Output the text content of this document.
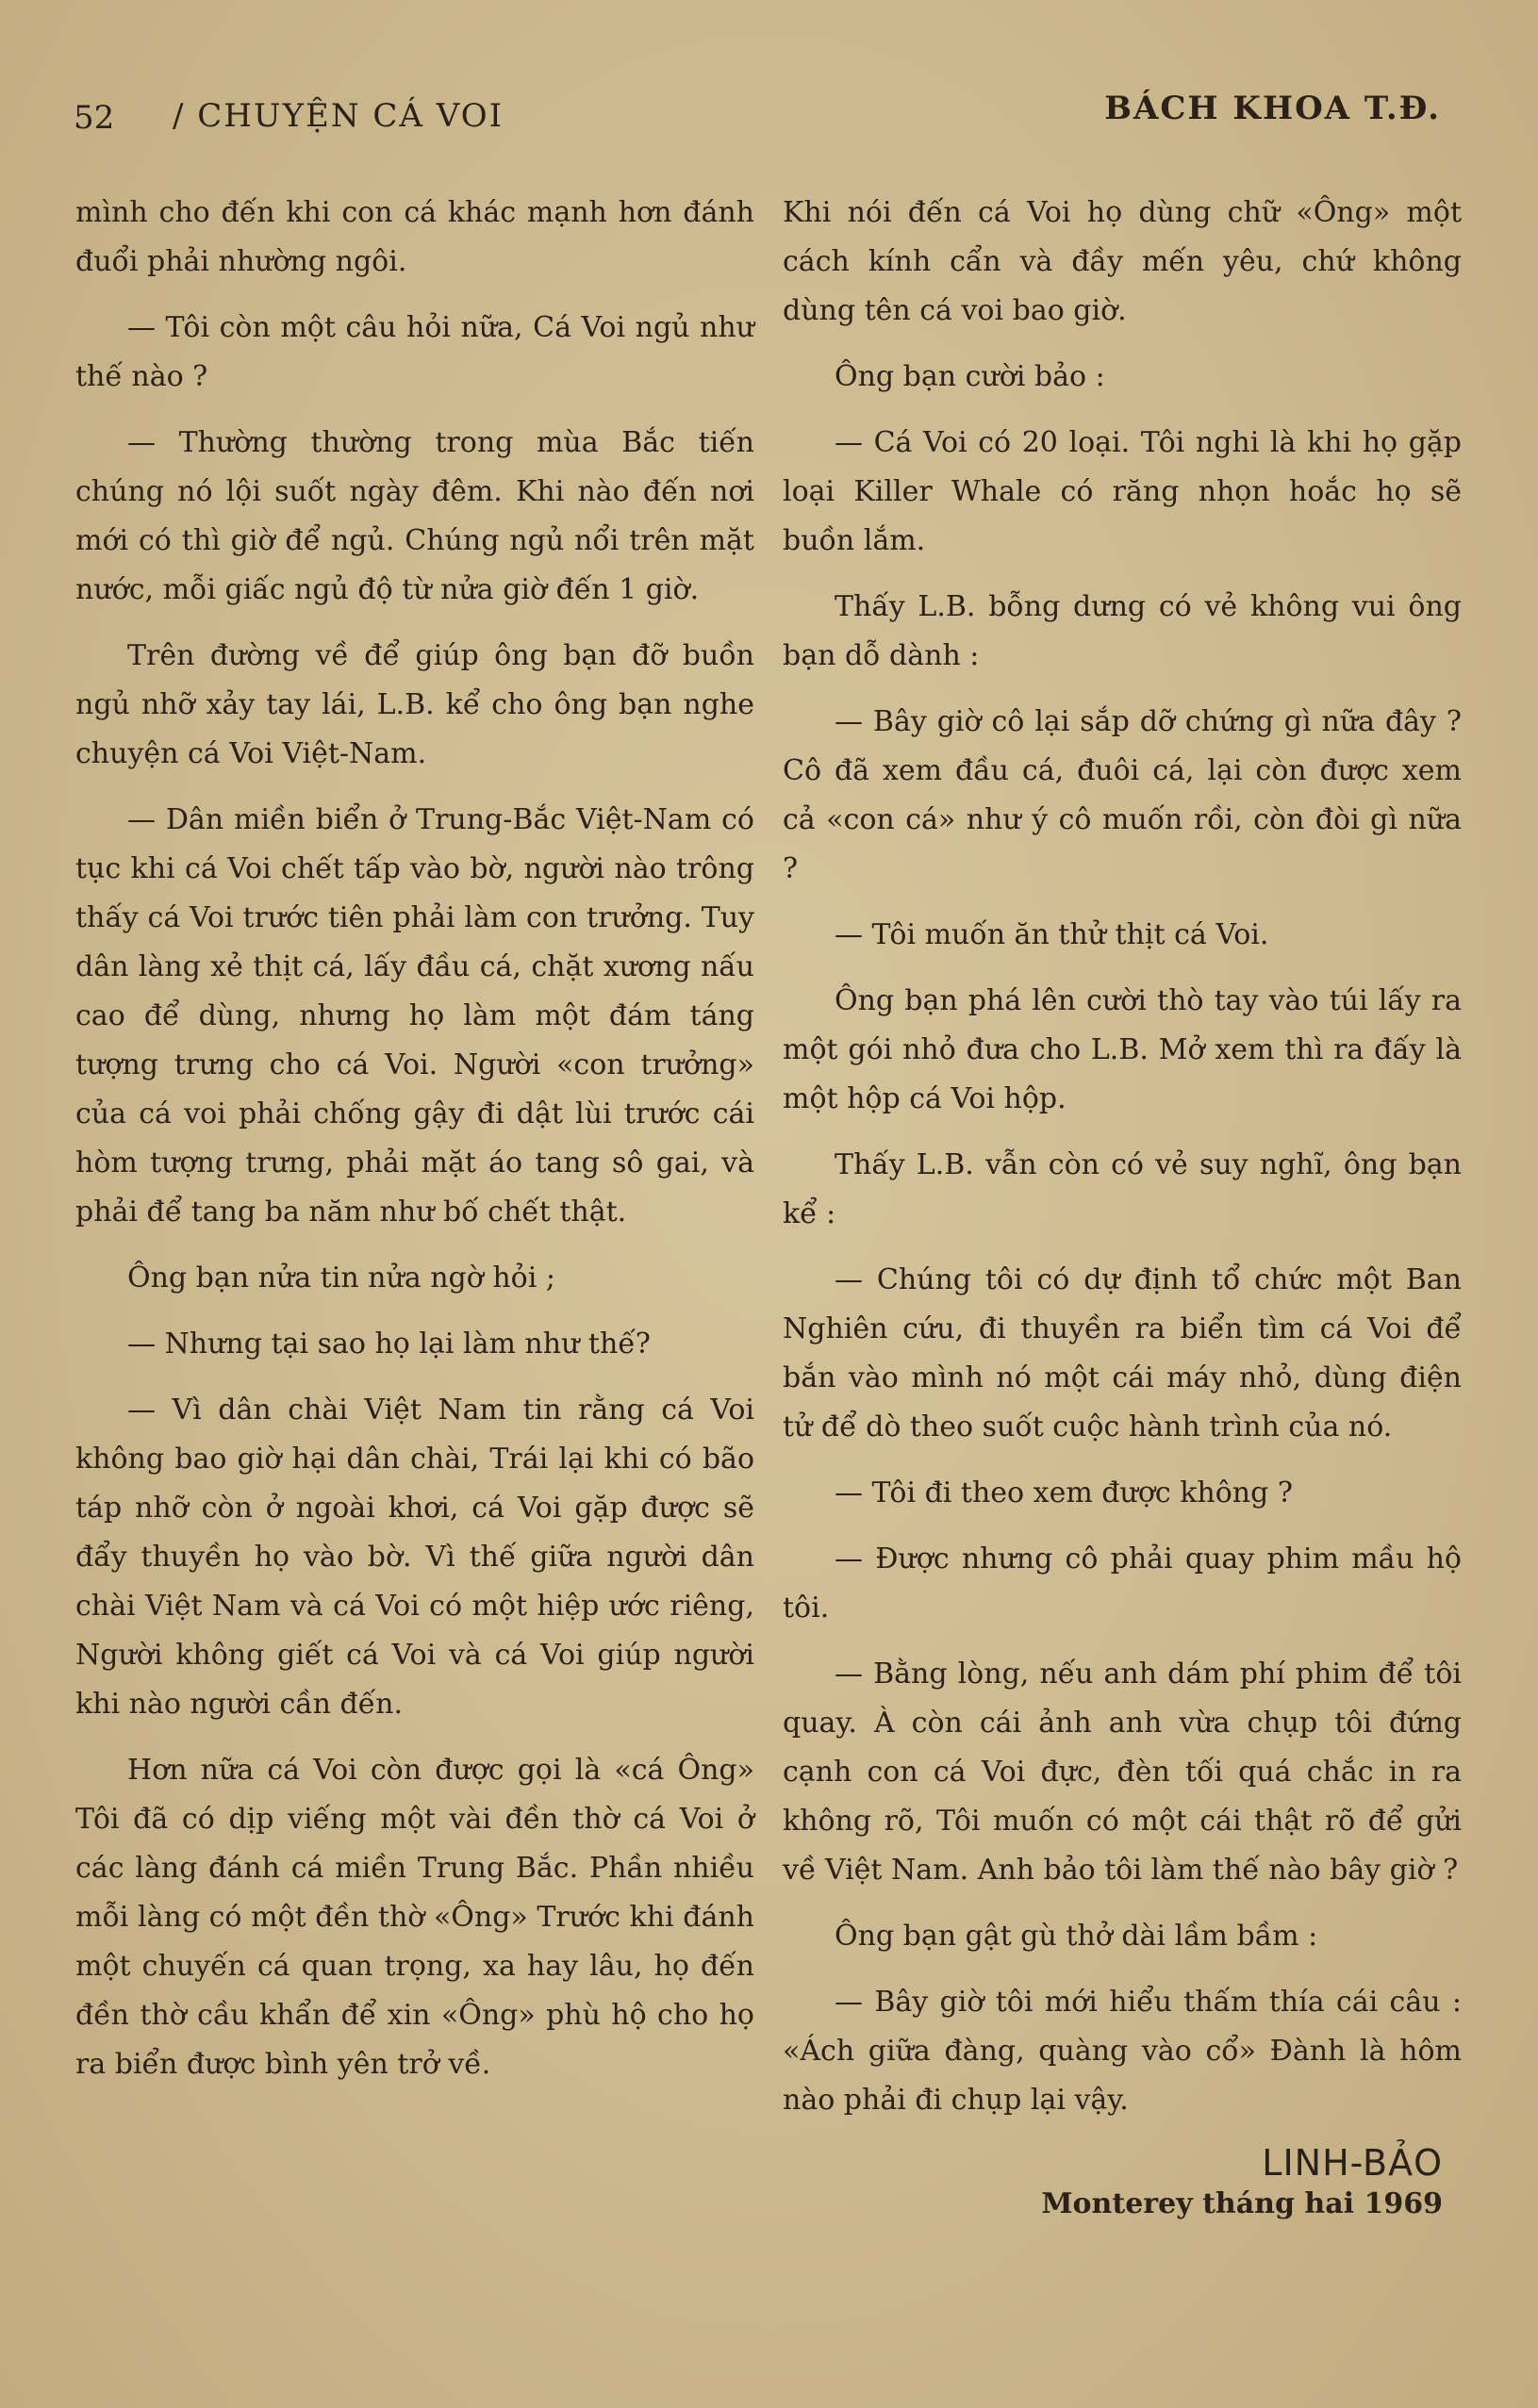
52 / CHUYỆN CÁ VOI	BÁCH KHOA T.Đ.

mình cho đến khi con cá khác mạnh hơn đánh đuổi phải nhường ngôi.

— Tôi còn một câu hỏi nữa, Cá Voi ngủ như thế nào ?

— Thường thường trong mùa Bắc tiến chúng nó lội suốt ngày đêm. Khi nào đến nơi mới có thì giờ để ngủ. Chúng ngủ nổi trên mặt nước, mỗi giấc ngủ độ từ nửa giờ đến 1 giờ.

Trên đường về để giúp ông bạn đỡ buồn ngủ nhỡ xảy tay lái, L.B. kể cho ông bạn nghe chuyện cá Voi Việt-Nam.

— Dân miền biển ở Trung-Bắc Việt-Nam có tục khi cá Voi chết tấp vào bờ, người nào trông thấy cá Voi trước tiên phải làm con trưởng. Tuy dân làng xẻ thịt cá, lấy đầu cá, chặt xương nấu cao để dùng, nhưng họ làm một đám táng tượng trưng cho cá Voi. Người «con trưởng» của cá voi phải chống gậy đi dật lùi trước cái hòm tượng trưng, phải mặt áo tang sô gai, và phải để tang ba năm như bố chết thật.

Ông bạn nửa tin nửa ngờ hỏi ;

— Nhưng tại sao họ lại làm như thế?

— Vì dân chài Việt Nam tin rằng cá Voi không bao giờ hại dân chài, Trái lại khi có bão táp nhỡ còn ở ngoài khơi, cá Voi gặp được sẽ đẩy thuyền họ vào bờ. Vì thế giữa người dân chài Việt Nam và cá Voi có một hiệp ước riêng, Người không giết cá Voi và cá Voi giúp người khi nào người cần đến.

Hơn nữa cá Voi còn được gọi là «cá Ông» Tôi đã có dịp viếng một vài đền thờ cá Voi ở các làng đánh cá miền Trung Bắc. Phần nhiều mỗi làng có một đền thờ «Ông» Trước khi đánh một chuyến cá quan trọng, xa hay lâu, họ đến đền thờ cầu khẩn để xin «Ông» phù hộ cho họ ra biển được bình yên trở về.

Khi nói đến cá Voi họ dùng chữ «Ông» một cách kính cẩn và đầy mến yêu, chứ không dùng tên cá voi bao giờ.

Ông bạn cười bảo :

— Cá Voi có 20 loại. Tôi nghi là khi họ gặp loại Killer Whale có răng nhọn hoắc họ sẽ buồn lắm.

Thấy L.B. bỗng dưng có vẻ không vui ông bạn dỗ dành :

— Bây giờ cô lại sắp dỡ chứng gì nữa đây ? Cô đã xem đầu cá, đuôi cá, lại còn được xem cả «con cá» như ý cô muốn rồi, còn đòi gì nữa ?

— Tôi muốn ăn thử thịt cá Voi.

Ông bạn phá lên cười thò tay vào túi lấy ra một gói nhỏ đưa cho L.B. Mở xem thì ra đấy là một hộp cá Voi hộp.

Thấy L.B. vẫn còn có vẻ suy nghĩ, ông bạn kể :

— Chúng tôi có dự định tổ chức một Ban Nghiên cứu, đi thuyền ra biển tìm cá Voi để bắn vào mình nó một cái máy nhỏ, dùng điện tử để dò theo suốt cuộc hành trình của nó.

— Tôi đi theo xem được không ?

— Được nhưng cô phải quay phim mầu hộ tôi.

— Bằng lòng, nếu anh dám phí phim để tôi quay. À còn cái ảnh anh vừa chụp tôi đứng cạnh con cá Voi đực, đèn tối quá chắc in ra không rõ, Tôi muốn có một cái thật rõ để gửi về Việt Nam. Anh bảo tôi làm thế nào bây giờ ?

Ông bạn gật gù thở dài lầm bầm :

— Bây giờ tôi mới hiểu thấm thía cái câu : «Ách giữa đàng, quàng vào cổ» Đành là hôm nào phải đi chụp lại vậy.

LINH-BẢO
Monterey tháng hai 1969
